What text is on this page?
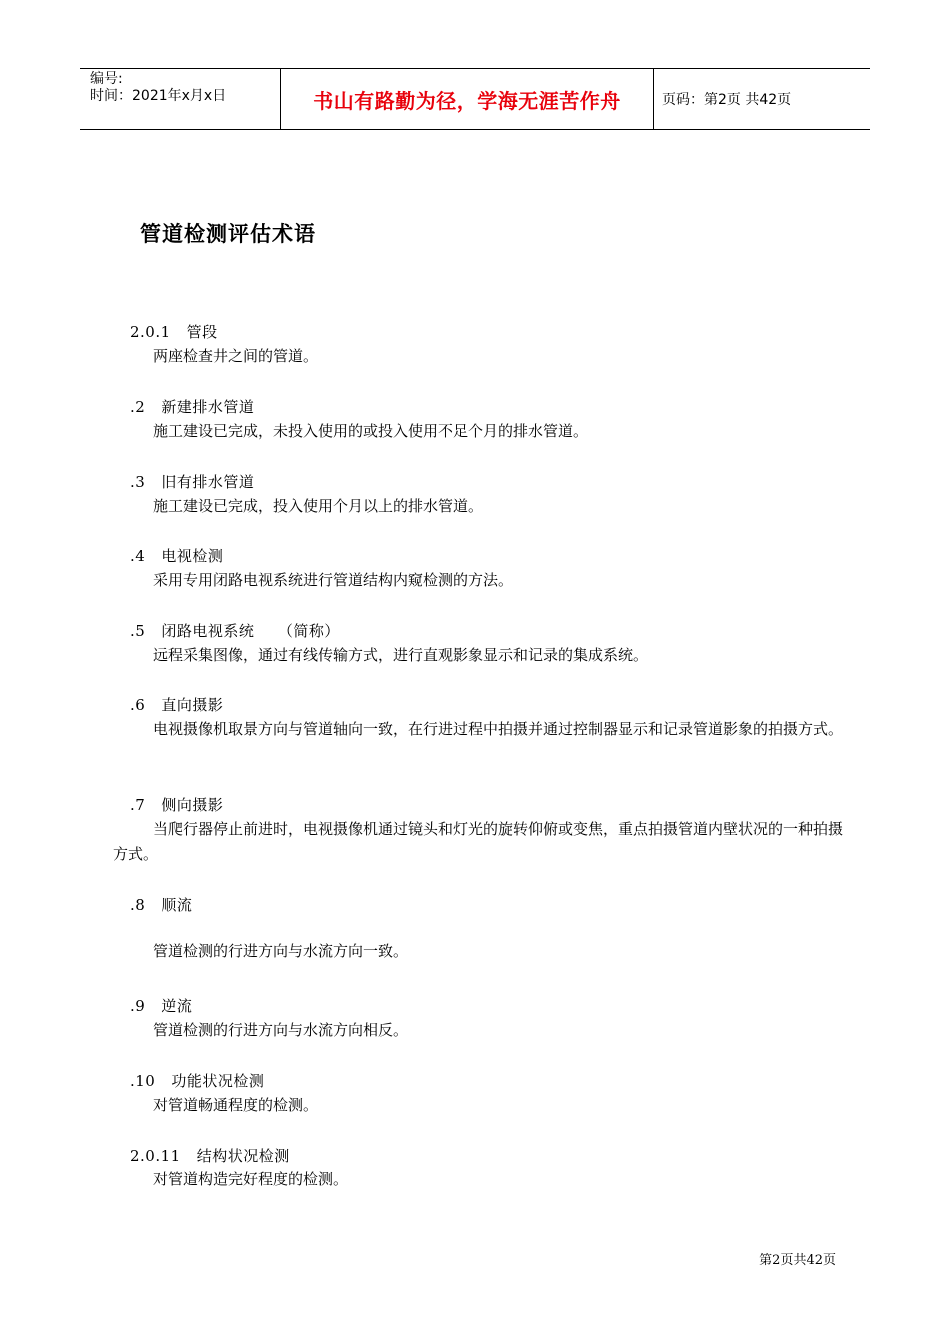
编号:
时间：2021年x月x日	书山有路勤为径，学海无涯苦作舟	页码：第2页 共42页
管道检测评估术语
2.0.1 管段
两座检查井之间的管道。
.2 新建排水管道
施工建设已完成，未投入使用的或投入使用不足个月的排水管道。
.3 旧有排水管道
施工建设已完成，投入使用个月以上的排水管道。
.4 电视检测
采用专用闭路电视系统进行管道结构内窥检测的方法。
.5 闭路电视系统　　（简称）
远程采集图像，通过有线传输方式，进行直观影象显示和记录的集成系统。
.6 直向摄影
电视摄像机取景方向与管道轴向一致，在行进过程中拍摄并通过控制器显示和记录管道影象的拍摄方式。
.7 侧向摄影
当爬行器停止前进时，电视摄像机通过镜头和灯光的旋转仰俯或变焦，重点拍摄管道内壁状况的一种拍摄方式。
.8 顺流
管道检测的行进方向与水流方向一致。
.9 逆流
管道检测的行进方向与水流方向相反。
.10 功能状况检测
对管道畅通程度的检测。
2.0.11 结构状况检测
对管道构造完好程度的检测。
第2页共42页
